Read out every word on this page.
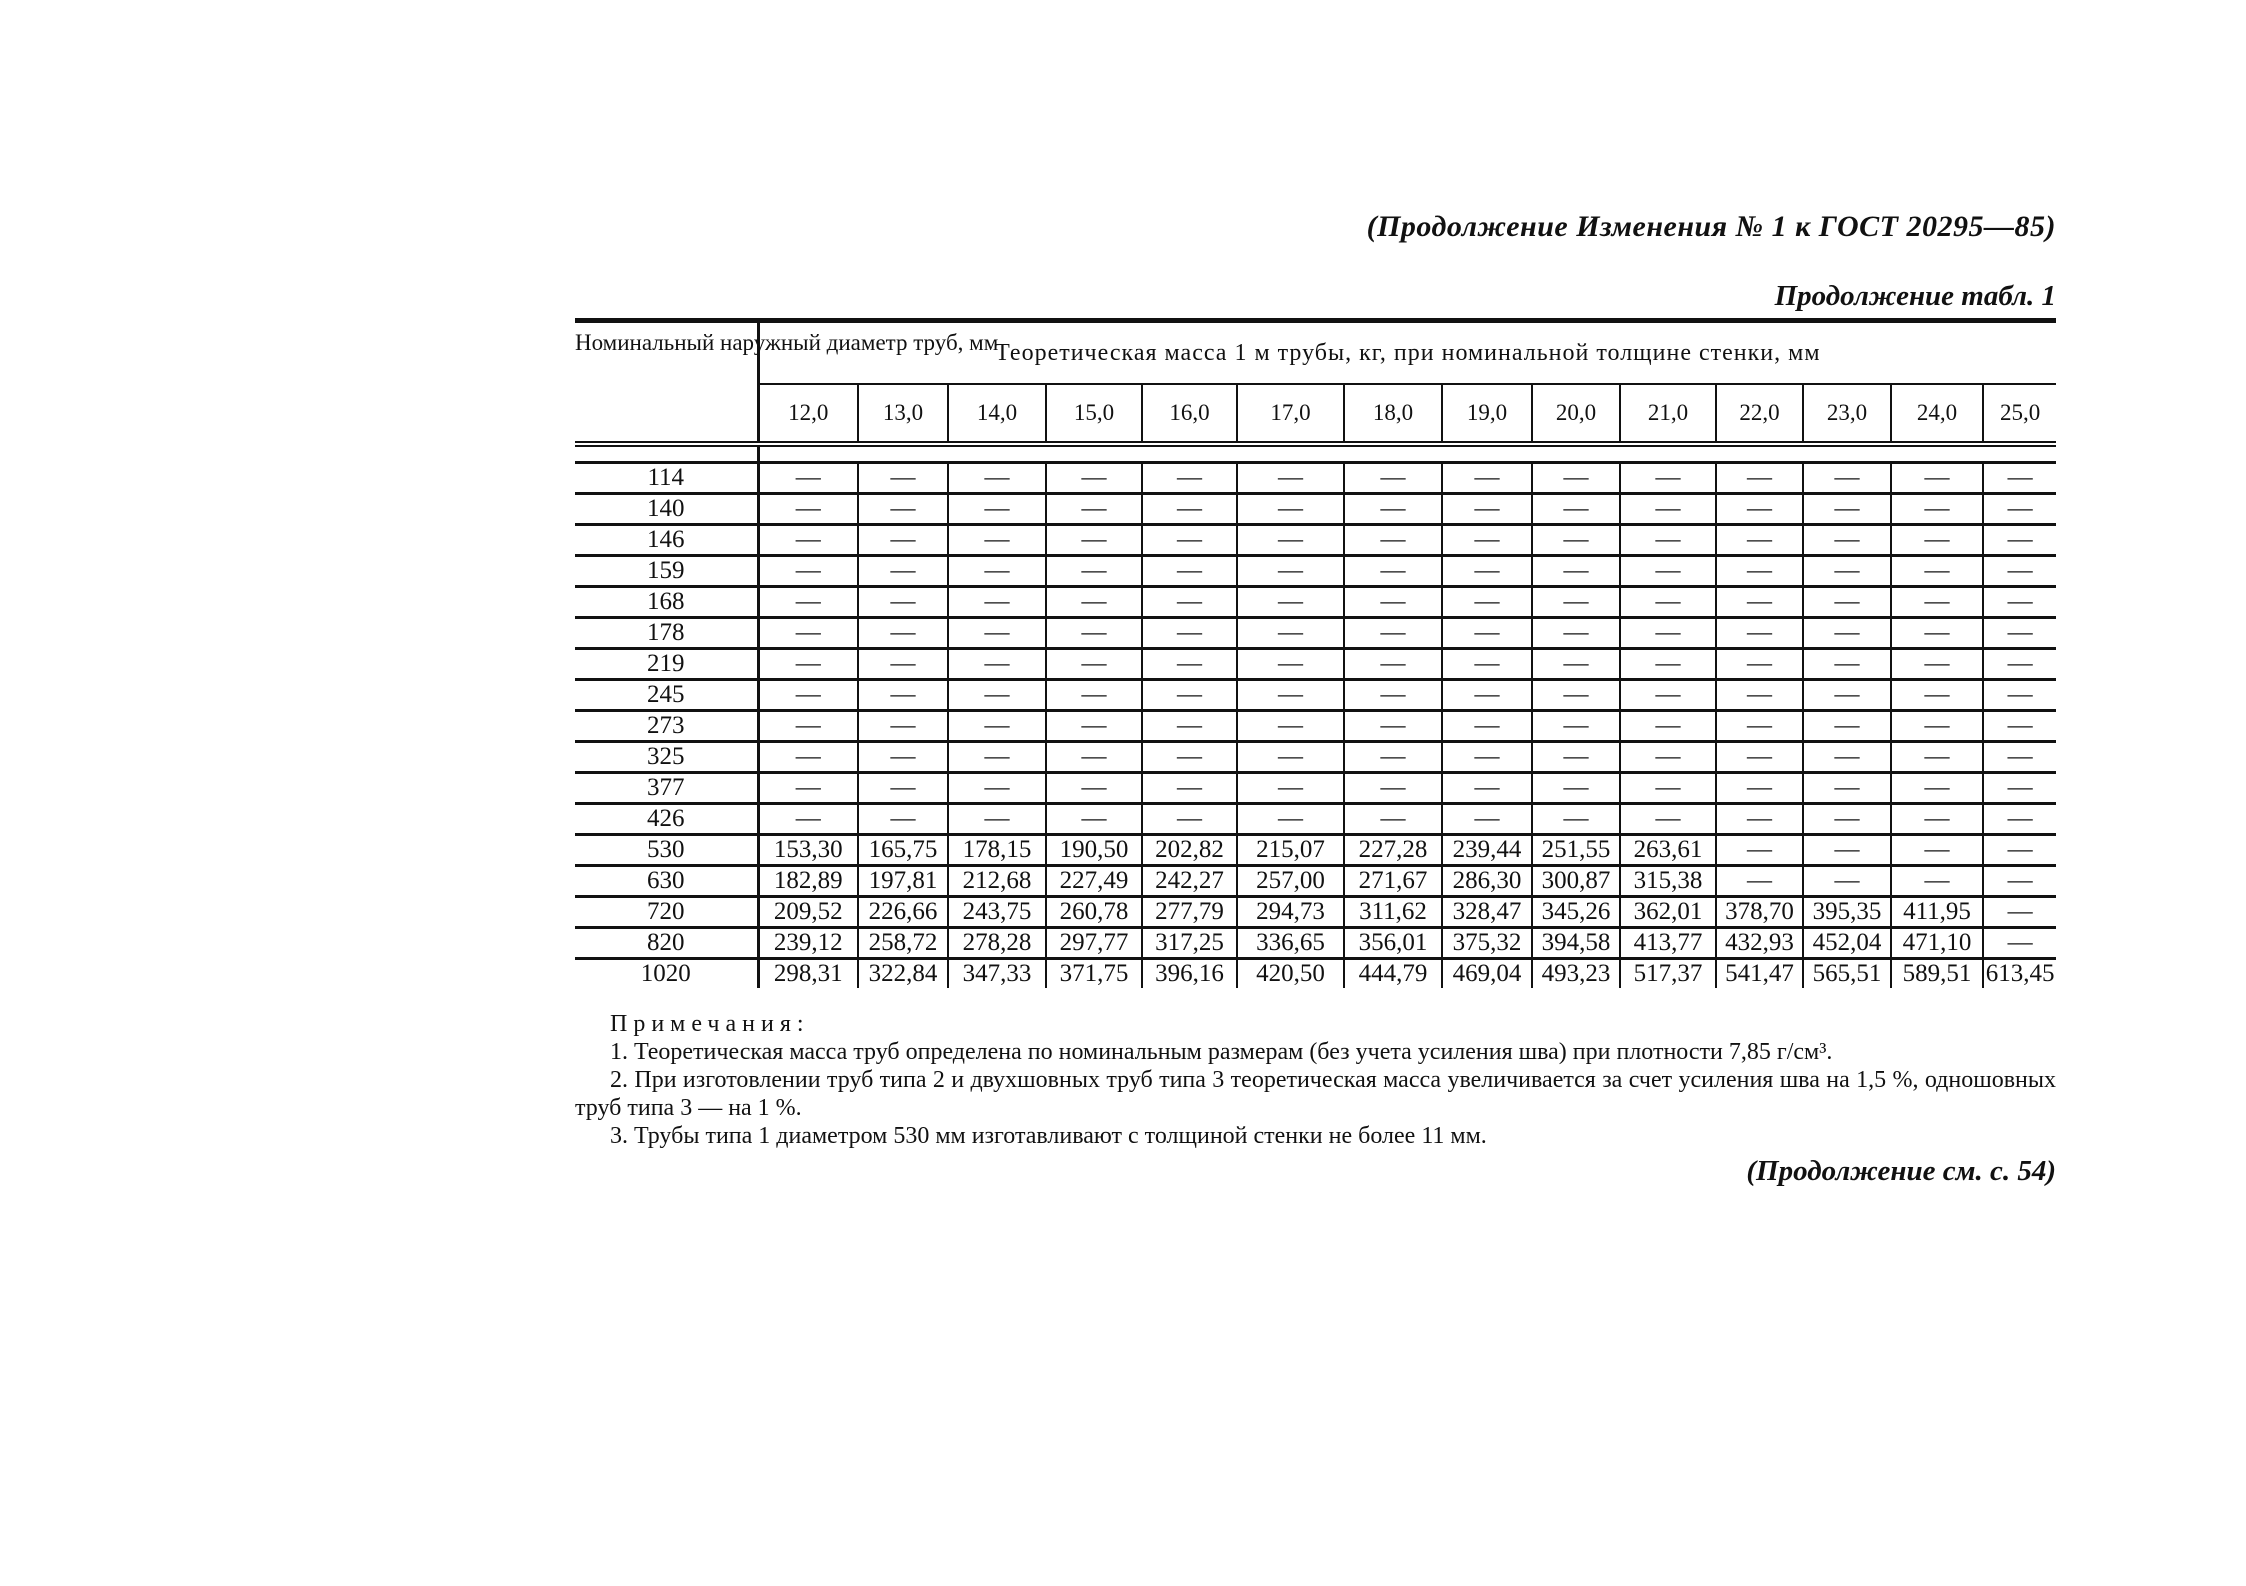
(Продолжение Изменения № 1 к ГОСТ 20295—85)
Продолжение табл. 1
Номинальный наружный диаметр труб, мм	Теоретическая масса 1 м трубы, кг, при номинальной толщине стенки, мм													
	12,0	13,0	14,0	15,0	16,0	17,0	18,0	19,0	20,0	21,0	22,0	23,0	24,0	25,0

114	—	—	—	—	—	—	—	—	—	—	—	—	—	—
140	—	—	—	—	—	—	—	—	—	—	—	—	—	—
146	—	—	—	—	—	—	—	—	—	—	—	—	—	—
159	—	—	—	—	—	—	—	—	—	—	—	—	—	—
168	—	—	—	—	—	—	—	—	—	—	—	—	—	—
178	—	—	—	—	—	—	—	—	—	—	—	—	—	—
219	—	—	—	—	—	—	—	—	—	—	—	—	—	—
245	—	—	—	—	—	—	—	—	—	—	—	—	—	—
273	—	—	—	—	—	—	—	—	—	—	—	—	—	—
325	—	—	—	—	—	—	—	—	—	—	—	—	—	—
377	—	—	—	—	—	—	—	—	—	—	—	—	—	—
426	—	—	—	—	—	—	—	—	—	—	—	—	—	—
530	153,30	165,75	178,15	190,50	202,82	215,07	227,28	239,44	251,55	263,61	—	—	—	—
630	182,89	197,81	212,68	227,49	242,27	257,00	271,67	286,30	300,87	315,38	—	—	—	—
720	209,52	226,66	243,75	260,78	277,79	294,73	311,62	328,47	345,26	362,01	378,70	395,35	411,95	—
820	239,12	258,72	278,28	297,77	317,25	336,65	356,01	375,32	394,58	413,77	432,93	452,04	471,10	—
1020	298,31	322,84	347,33	371,75	396,16	420,50	444,79	469,04	493,23	517,37	541,47	565,51	589,51	613,45
Примечания:
1. Теоретическая масса труб определена по номинальным размерам (без учета усиления шва) при плотности 7,85 г/см³.
2. При изготовлении труб типа 2 и двухшовных труб типа 3 теоретическая масса увеличивается за счет усиления шва на 1,5 %, одношовных труб типа 3 — на 1 %.
3. Трубы типа 1 диаметром 530 мм изготавливают с толщиной стенки не более 11 мм.
(Продолжение см. с. 54)
